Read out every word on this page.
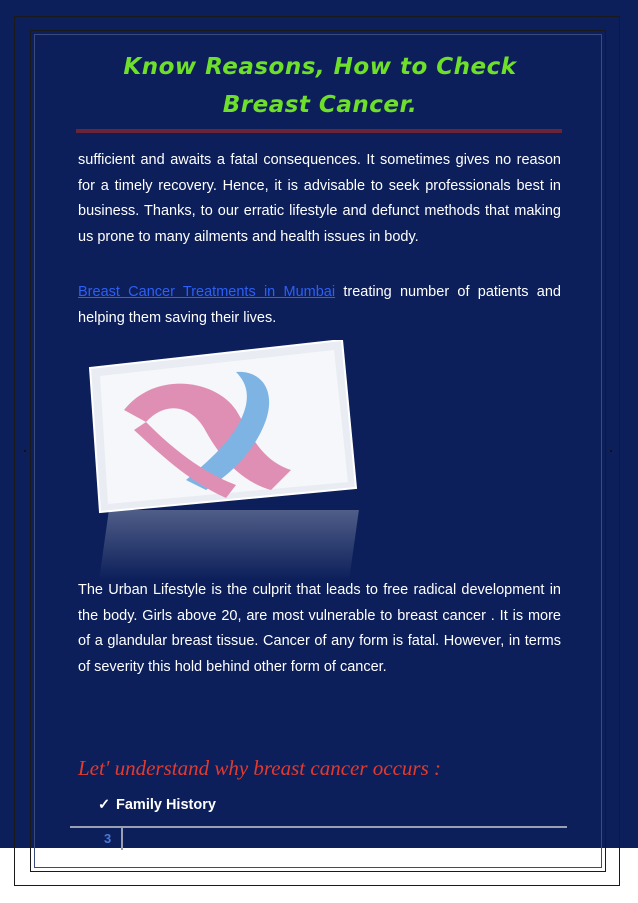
Know Reasons, How to Check Breast Cancer.
sufficient and awaits a fatal consequences. It sometimes gives no reason for a timely recovery. Hence, it is advisable to seek professionals best in business. Thanks, to our erratic lifestyle and defunct methods that making us prone to many ailments and health issues in body.
Breast Cancer Treatments in Mumbai treating number of patients and helping them saving their lives.
The Urban Lifestyle is the culprit that leads to free radical development in the body. Girls above 20, are most vulnerable to breast cancer . It is more of a glandular breast tissue. Cancer of any form is fatal. However, in terms of severity this hold behind other form of cancer.
Let' understand why breast cancer occurs :
✓ Family History
3
